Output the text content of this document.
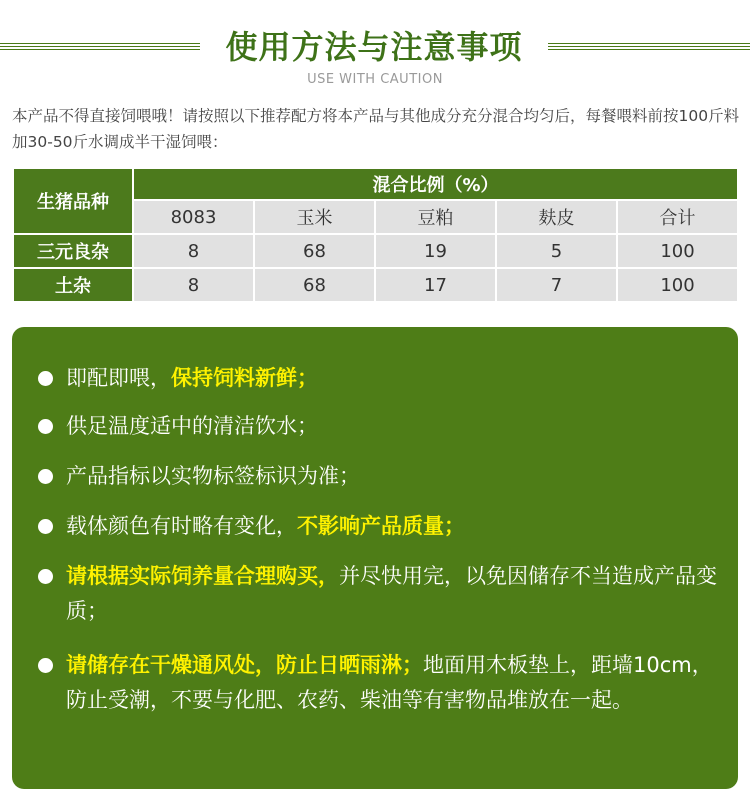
使用方法与注意事项
USE WITH CAUTION
本产品不得直接饲喂哦！请按照以下推荐配方将本产品与其他成分充分混合均匀后，每餐喂料前按100斤料加30-50斤水调成半干湿饲喂：
生猪品种	混合比例（%）				
	8083	玉米	豆粕	麸皮	合计
三元良杂	8	68	19	5	100
土杂	8	68	17	7	100
即配即喂，保持饲料新鲜；
供足温度适中的清洁饮水；
产品指标以实物标签标识为准；
载体颜色有时略有变化，不影响产品质量；
请根据实际饲养量合理购买，并尽快用完，以免因储存不当造成产品变质；
请储存在干燥通风处，防止日晒雨淋；地面用木板垫上，距墙10cm，防止受潮，不要与化肥、农药、柴油等有害物品堆放在一起。
